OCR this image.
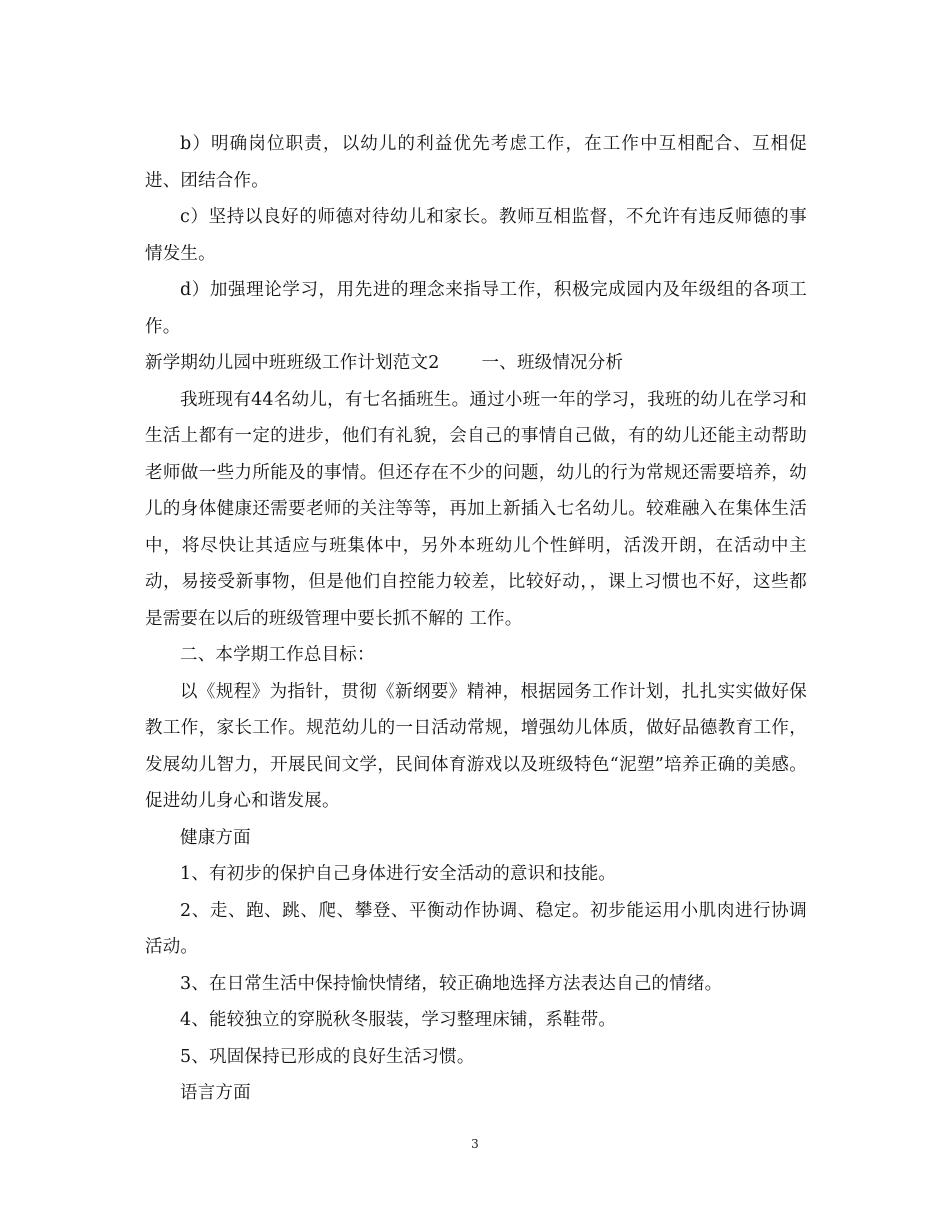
b）明确岗位职责，以幼儿的利益优先考虑工作，在工作中互相配合、互相促进、团结合作。

c）坚持以良好的师德对待幼儿和家长。教师互相监督，不允许有违反师德的事情发生。

d）加强理论学习，用先进的理念来指导工作，积极完成园内及年级组的各项工作。

新学期幼儿园中班班级工作计划范文2 一、班级情况分析

我班现有44名幼儿，有七名插班生。通过小班一年的学习，我班的幼儿在学习和生活上都有一定的进步，他们有礼貌，会自己的事情自己做，有的幼儿还能主动帮助老师做一些力所能及的事情。但还存在不少的问题，幼儿的行为常规还需要培养，幼儿的身体健康还需要老师的关注等等，再加上新插入七名幼儿。较难融入在集体生活中，将尽快让其适应与班集体中，另外本班幼儿个性鲜明，活泼开朗，在活动中主动，易接受新事物，但是他们自控能力较差，比较好动，，课上习惯也不好，这些都是需要在以后的班级管理中要长抓不解的 工作。

二、本学期工作总目标：

以《规程》为指针，贯彻《新纲要》精神，根据园务工作计划，扎扎实实做好保教工作，家长工作。规范幼儿的一日活动常规，增强幼儿体质，做好品德教育工作，发展幼儿智力，开展民间文学，民间体育游戏以及班级特色“泥塑”培养正确的美感。促进幼儿身心和谐发展。

健康方面

1、有初步的保护自己身体进行安全活动的意识和技能。

2、走、跑、跳、爬、攀登、平衡动作协调、稳定。初步能运用小肌肉进行协调活动。

3、在日常生活中保持愉快情绪，较正确地选择方法表达自己的情绪。

4、能较独立的穿脱秋冬服装，学习整理床铺，系鞋带。

5、巩固保持已形成的良好生活习惯。

语言方面

3
